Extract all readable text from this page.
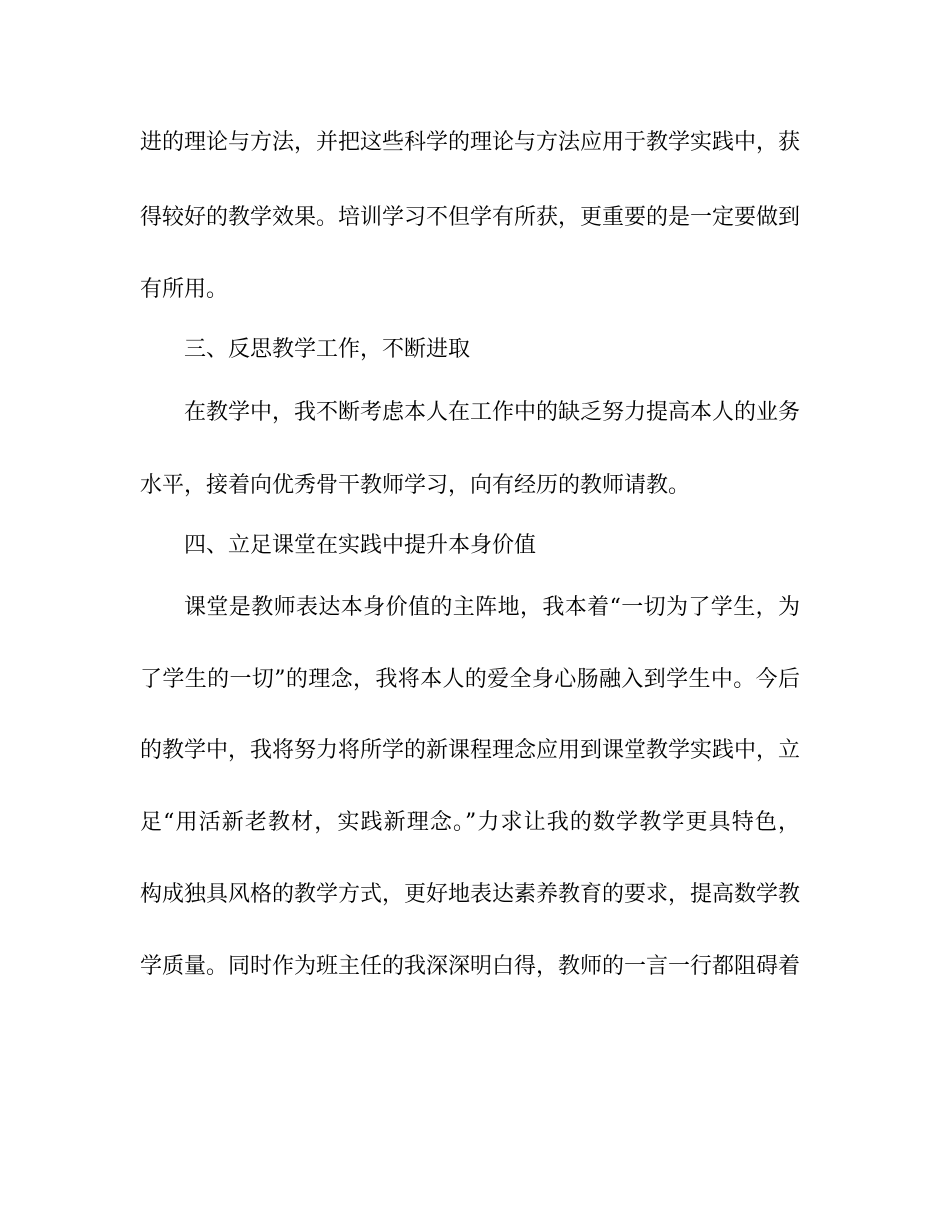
进的理论与方法，并把这些科学的理论与方法应用于教学实践中，获
得较好的教学效果。培训学习不但学有所获，更重要的是一定要做到
有所用。
三、反思教学工作，不断进取
在教学中，我不断考虑本人在工作中的缺乏努力提高本人的业务
水平，接着向优秀骨干教师学习，向有经历的教师请教。
四、立足课堂在实践中提升本身价值
课堂是教师表达本身价值的主阵地，我本着“一切为了学生，为
了学生的一切”的理念，我将本人的爱全身心肠融入到学生中。今后
的教学中，我将努力将所学的新课程理念应用到课堂教学实践中，立
足“用活新老教材，实践新理念。”力求让我的数学教学更具特色，
构成独具风格的教学方式，更好地表达素养教育的要求，提高数学教
学质量。同时作为班主任的我深深明白得，教师的一言一行都阻碍着
